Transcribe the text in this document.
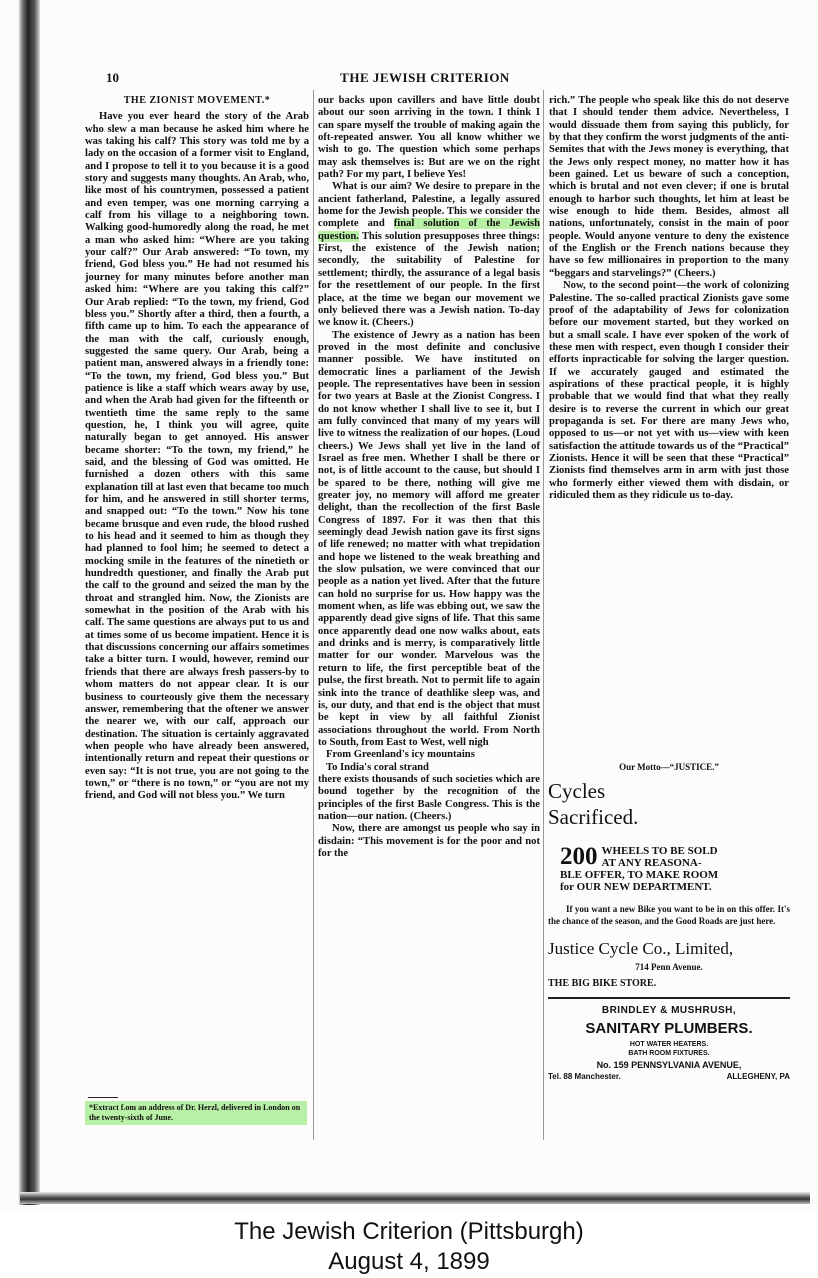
10	THE JEWISH CRITERION
THE ZIONIST MOVEMENT.*

Have you ever heard the story of the Arab who slew a man because he asked him where he was taking his calf? This story was told me by a lady on the occasion of a former visit to England, and I propose to tell it to you because it is a good story and suggests many thoughts. An Arab, who, like most of his countrymen, possessed a patient and even temper, was one morning carrying a calf from his village to a neighboring town. Walking good-humoredly along the road, he met a man who asked him: “Where are you taking your calf?” Our Arab answered: “To town, my friend, God bless you.” He had not resumed his journey for many minutes before another man asked him: “Where are you taking this calf?” Our Arab replied: “To the town, my friend, God bless you.” Shortly after a third, then a fourth, a fifth came up to him. To each the appearance of the man with the calf, curiously enough, suggested the same query. Our Arab, being a patient man, answered always in a friendly tone: “To the town, my friend, God bless you.” But patience is like a staff which wears away by use, and when the Arab had given for the fifteenth or twentieth time the same reply to the same question, he, I think you will agree, quite naturally began to get annoyed. His answer became shorter: “To the town, my friend,” he said, and the blessing of God was omitted. He furnished a dozen others with this same explanation till at last even that became too much for him, and he answered in still shorter terms, and snapped out: “To the town.” Now his tone became brusque and even rude, the blood rushed to his head and it seemed to him as though they had planned to fool him; he seemed to detect a mocking smile in the features of the ninetieth or hundredth questioner, and finally the Arab put the calf to the ground and seized the man by the throat and strangled him. Now, the Zionists are somewhat in the position of the Arab with his calf. The same questions are always put to us and at times some of us become impatient. Hence it is that discussions concerning our affairs sometimes take a bitter turn. I would, however, remind our friends that there are always fresh passers-by to whom matters do not appear clear. It is our business to courteously give them the necessary answer, remembering that the oftener we answer the nearer we, with our calf, approach our destination. The situation is certainly aggravated when people who have already been answered, intentionally return and repeat their questions or even say: “It is not true, you are not going to the town,” or “there is no town,” or “you are not my friend, and God will not bless you.” We turn

*Extract f.om an address of Dr. Herzl, delivered in London on the twenty-sixth of June.

our backs upon cavillers and have little doubt about our soon arriving in the town. I think I can spare myself the trouble of making again the oft-repeated answer. You all know whither we wish to go. The question which some perhaps may ask themselves is: But are we on the right path? For my part, I believe Yes!

What is our aim? We desire to prepare in the ancient fatherland, Palestine, a legally assured home for the Jewish people. This we consider the complete and final solution of the Jewish question. This solution presupposes three things: First, the existence of the Jewish nation; secondly, the suitability of Palestine for settlement; thirdly, the assurance of a legal basis for the resettlement of our people. In the first place, at the time we began our movement we only believed there was a Jewish nation. To-day we know it. (Cheers.)

The existence of Jewry as a nation has been proved in the most definite and conclusive manner possible. We have instituted on democratic lines a parliament of the Jewish people. The representatives have been in session for two years at Basle at the Zionist Congress. I do not know whether I shall live to see it, but I am fully convinced that many of my years will live to witness the realization of our hopes. (Loud cheers.) We Jews shall yet live in the land of Israel as free men. Whether I shall be there or not, is of little account to the cause, but should I be spared to be there, nothing will give me greater joy, no memory will afford me greater delight, than the recollection of the first Basle Congress of 1897. For it was then that this seemingly dead Jewish nation gave its first signs of life renewed; no matter with what trepidation and hope we listened to the weak breathing and the slow pulsation, we were convinced that our people as a nation yet lived. After that the future can hold no surprise for us. How happy was the moment when, as life was ebbing out, we saw the apparently dead give signs of life. That this same once apparently dead one now walks about, eats and drinks and is merry, is comparatively little matter for our wonder. Marvelous was the return to life, the first perceptible beat of the pulse, the first breath. Not to permit life to again sink into the trance of deathlike sleep was, and is, our duty, and that end is the object that must be kept in view by all faithful Zionist associations throughout the world. From North to South, from East to West, well nigh

From Greenland's icy mountains

To India's coral strand

there exists thousands of such societies which are bound together by the recognition of the principles of the first Basle Congress. This is the nation—our nation. (Cheers.)

Now, there are amongst us people who say in disdain: “This movement is for the poor and not for the

rich.” The people who speak like this do not deserve that I should tender them advice. Nevertheless, I would dissuade them from saying this publicly, for by that they confirm the worst judgments of the anti-Semites that with the Jews money is everything, that the Jews only respect money, no matter how it has been gained. Let us beware of such a conception, which is brutal and not even clever; if one is brutal enough to harbor such thoughts, let him at least be wise enough to hide them. Besides, almost all nations, unfortunately, consist in the main of poor people. Would anyone venture to deny the existence of the English or the French nations because they have so few millionaires in proportion to the many “beggars and starvelings?” (Cheers.)

Now, to the second point—the work of colonizing Palestine. The so-called practical Zionists gave some proof of the adaptability of Jews for colonization before our movement started, but they worked on but a small scale. I have ever spoken of the work of these men with respect, even though I consider their efforts inpracticable for solving the larger question. If we accurately gauged and estimated the aspirations of these practical people, it is highly probable that we would find that what they really desire is to reverse the current in which our great propaganda is set. For there are many Jews who, opposed to us—or not yet with us—view with keen satisfaction the attitude towards us of the “Practical” Zionists. Hence it will be seen that these “Practical” Zionists find themselves arm in arm with just those who formerly either viewed them with disdain, or ridiculed them as they ridicule us to-day.

Our Motto—“JUSTICE.”
Cycles
Sacrificed.
200 WHEELS TO BE SOLD
AT ANY REASONA-
BLE OFFER, TO MAKE ROOM
for OUR NEW DEPARTMENT.
If you want a new Bike you want to be in on this offer. It's the chance of the season, and the Good Roads are just here.
Justice Cycle Co., Limited,
714 Penn Avenue.
THE BIG BIKE STORE.
BRINDLEY & MUSHRUSH,
SANITARY PLUMBERS.
HOT WATER HEATERS.
BATH ROOM FIXTURES.
No. 159 PENNSYLVANIA AVENUE,
Tel. 88 Manchester.	ALLEGHENY, PA
The Jewish Criterion (Pittsburgh)
August 4, 1899
